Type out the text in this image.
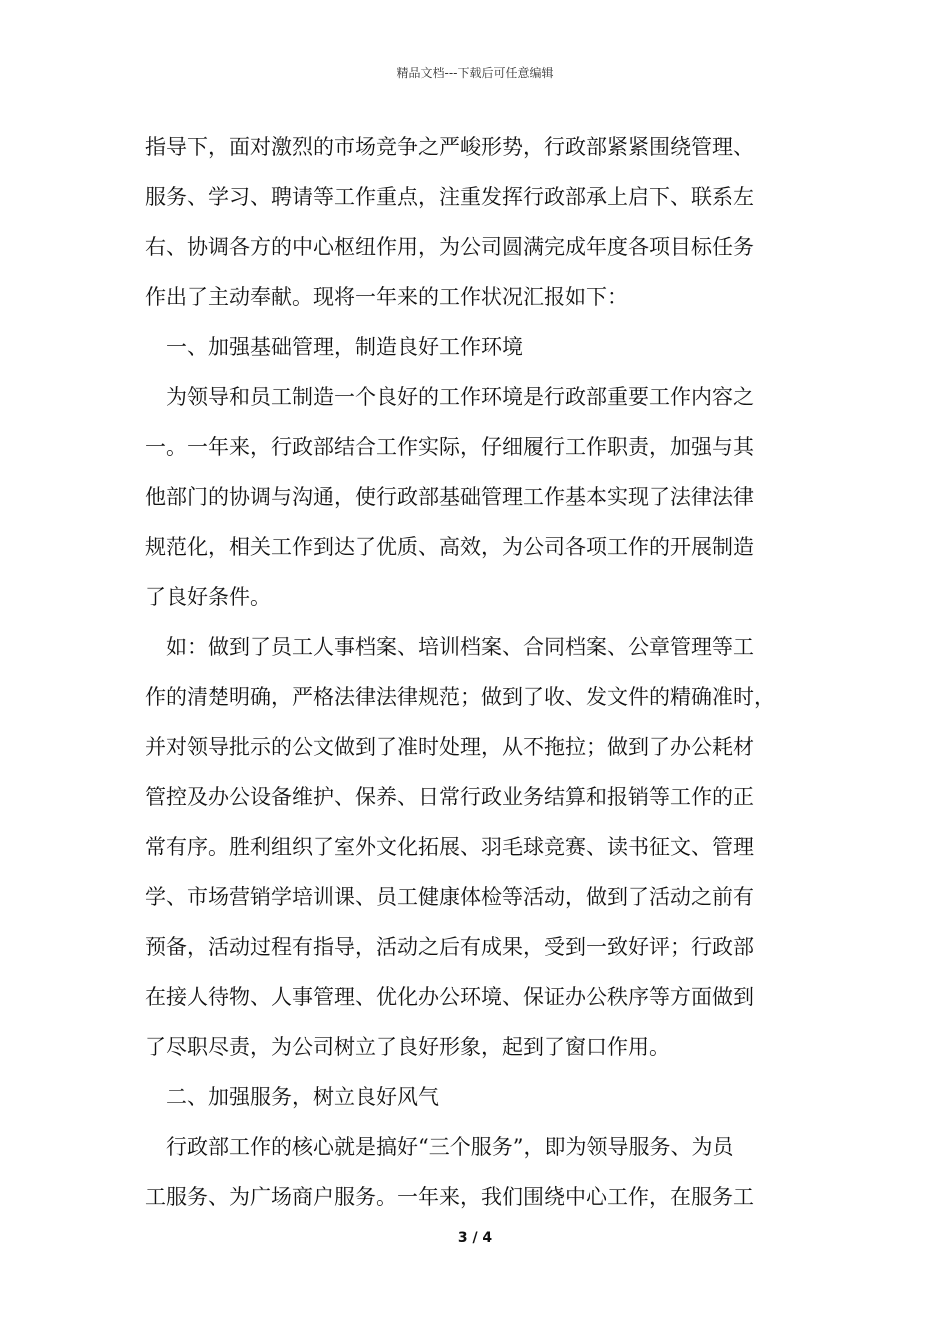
精品文档---下载后可任意编辑
指导下，面对激烈的市场竞争之严峻形势，行政部紧紧围绕管理、
服务、学习、聘请等工作重点，注重发挥行政部承上启下、联系左
右、协调各方的中心枢纽作用，为公司圆满完成年度各项目标任务
作出了主动奉献。现将一年来的工作状况汇报如下：
一、加强基础管理，制造良好工作环境
为领导和员工制造一个良好的工作环境是行政部重要工作内容之
一。一年来，行政部结合工作实际，仔细履行工作职责，加强与其
他部门的协调与沟通，使行政部基础管理工作基本实现了法律法律
规范化，相关工作到达了优质、高效，为公司各项工作的开展制造
了良好条件。
如：做到了员工人事档案、培训档案、合同档案、公章管理等工
作的清楚明确，严格法律法律规范；做到了收、发文件的精确准时，
并对领导批示的公文做到了准时处理，从不拖拉；做到了办公耗材
管控及办公设备维护、保养、日常行政业务结算和报销等工作的正
常有序。胜利组织了室外文化拓展、羽毛球竞赛、读书征文、管理
学、市场营销学培训课、员工健康体检等活动，做到了活动之前有
预备，活动过程有指导，活动之后有成果，受到一致好评；行政部
在接人待物、人事管理、优化办公环境、保证办公秩序等方面做到
了尽职尽责，为公司树立了良好形象，起到了窗口作用。
二、加强服务，树立良好风气
行政部工作的核心就是搞好“三个服务”，即为领导服务、为员
工服务、为广场商户服务。一年来，我们围绕中心工作，在服务工
3 / 4
